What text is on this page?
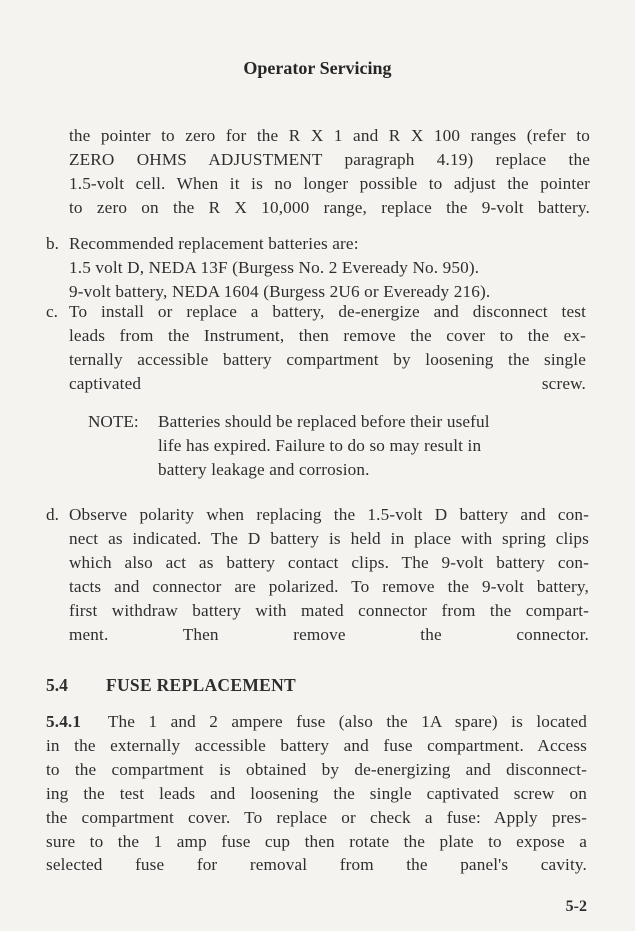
Operator Servicing
the pointer to zero for the R X 1 and R X 100 ranges (refer to
ZERO OHMS ADJUSTMENT paragraph 4.19) replace the
1.5-volt cell. When it is no longer possible to adjust the pointer
to zero on the R X 10,000 range, replace the 9-volt battery.
b. Recommended replacement batteries are:
1.5 volt D, NEDA 13F (Burgess No. 2 Eveready No. 950).
9-volt battery, NEDA 1604 (Burgess 2U6 or Eveready 216).
c. To install or replace a battery, de-energize and disconnect test
leads from the Instrument, then remove the cover to the ex-
ternally accessible battery compartment by loosening the single
captivated screw.
NOTE: Batteries should be replaced before their useful
life has expired. Failure to do so may result in
battery leakage and corrosion.
d. Observe polarity when replacing the 1.5-volt D battery and con-
nect as indicated. The D battery is held in place with spring clips
which also act as battery contact clips. The 9-volt battery con-
tacts and connector are polarized. To remove the 9-volt battery,
first withdraw battery with mated connector from the compart-
ment. Then remove the connector.
5.4 FUSE REPLACEMENT
5.4.1 The 1 and 2 ampere fuse (also the 1A spare) is located
in the externally accessible battery and fuse compartment. Access
to the compartment is obtained by de-energizing and disconnect-
ing the test leads and loosening the single captivated screw on
the compartment cover. To replace or check a fuse: Apply pres-
sure to the 1 amp fuse cup then rotate the plate to expose a
selected fuse for removal from the panel's cavity.
5-2
